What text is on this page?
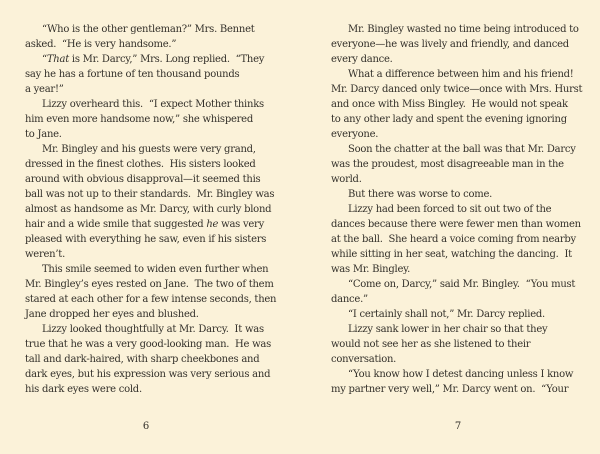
“Who is the other gentleman?” Mrs. Bennet
asked.  “He is very handsome.”
“That is Mr. Darcy,” Mrs. Long replied.  “They
say he has a fortune of ten thousand pounds
a year!”
Lizzy overheard this.  “I expect Mother thinks
him even more handsome now,” she whispered
to Jane.
Mr. Bingley and his guests were very grand,
dressed in the finest clothes.  His sisters looked
around with obvious disapproval—it seemed this
ball was not up to their standards.  Mr. Bingley was
almost as handsome as Mr. Darcy, with curly blond
hair and a wide smile that suggested he was very
pleased with everything he saw, even if his sisters
weren’t.
This smile seemed to widen even further when
Mr. Bingley’s eyes rested on Jane.  The two of them
stared at each other for a few intense seconds, then
Jane dropped her eyes and blushed.
Lizzy looked thoughtfully at Mr. Darcy.  It was
true that he was a very good-looking man.  He was
tall and dark-haired, with sharp cheekbones and
dark eyes, but his expression was very serious and
his dark eyes were cold.
6
Mr. Bingley wasted no time being introduced to
everyone—he was lively and friendly, and danced
every dance.
What a difference between him and his friend!
Mr. Darcy danced only twice—once with Mrs. Hurst
and once with Miss Bingley.  He would not speak
to any other lady and spent the evening ignoring
everyone.
Soon the chatter at the ball was that Mr. Darcy
was the proudest, most disagreeable man in the
world.
But there was worse to come.
Lizzy had been forced to sit out two of the
dances because there were fewer men than women
at the ball.  She heard a voice coming from nearby
while sitting in her seat, watching the dancing.  It
was Mr. Bingley.
“Come on, Darcy,” said Mr. Bingley.  “You must
dance.”
“I certainly shall not,” Mr. Darcy replied.
Lizzy sank lower in her chair so that they
would not see her as she listened to their
conversation.
“You know how I detest dancing unless I know
my partner very well,” Mr. Darcy went on.  “Your
7
